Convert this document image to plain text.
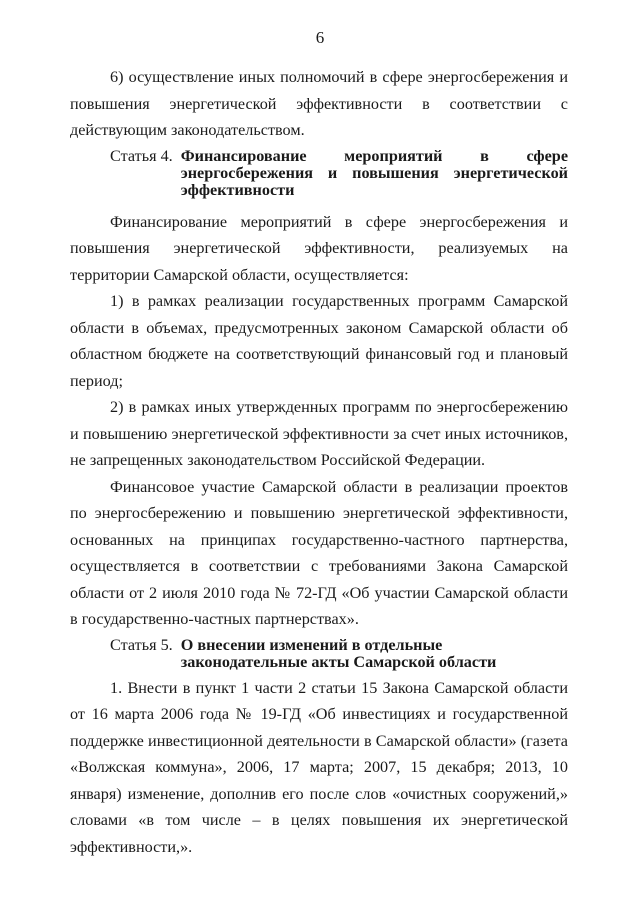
6

6) осуществление иных полномочий в сфере энергосбережения и повышения энергетической эффективности в соответствии с действующим законодательством.

Статья 4. Финансирование мероприятий в сфере энергосбережения и повышения энергетической эффективности

Финансирование мероприятий в сфере энергосбережения и повышения энергетической эффективности, реализуемых на территории Самарской области, осуществляется:

1) в рамках реализации государственных программ Самарской области в объемах, предусмотренных законом Самарской области об областном бюджете на соответствующий финансовый год и плановый период;

2) в рамках иных утвержденных программ по энергосбережению и повышению энергетической эффективности за счет иных источников, не запрещенных законодательством Российской Федерации.

Финансовое участие Самарской области в реализации проектов по энергосбережению и повышению энергетической эффективности, основанных на принципах государственно-частного партнерства, осуществляется в соответствии с требованиями Закона Самарской области от 2 июля 2010 года № 72-ГД «Об участии Самарской области в государственно-частных партнерствах».

Статья 5. О внесении изменений в отдельные законодательные акты Самарской области

1. Внести в пункт 1 части 2 статьи 15 Закона Самарской области от 16 марта 2006 года № 19-ГД «Об инвестициях и государственной поддержке инвестиционной деятельности в Самарской области» (газета «Волжская коммуна», 2006, 17 марта; 2007, 15 декабря; 2013, 10 января) изменение, дополнив его после слов «очистных сооружений,» словами «в том числе – в целях повышения их энергетической эффективности,».
